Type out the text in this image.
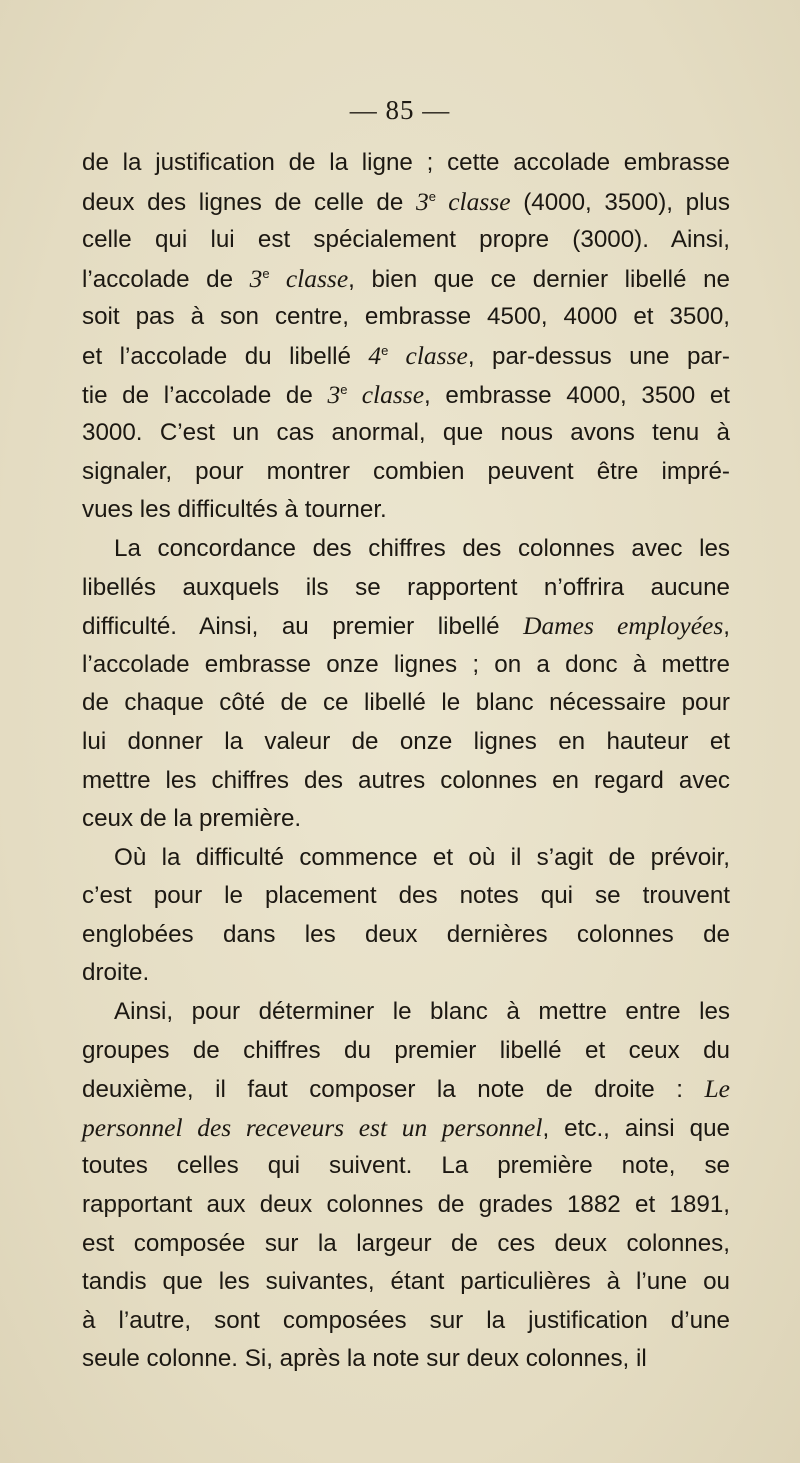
— 85 —
de la justification de la ligne ; cette accolade embrasse
deux des lignes de celle de 3e classe (4000, 3500), plus
celle qui lui est spécialement propre (3000). Ainsi,
l’accolade de 3e classe, bien que ce dernier libellé ne
soit pas à son centre, embrasse 4500, 4000 et 3500,
et l’accolade du libellé 4e classe, par-dessus une par-
tie de l’accolade de 3e classe, embrasse 4000, 3500 et
3000. C’est un cas anormal, que nous avons tenu à
signaler, pour montrer combien peuvent être impré-
vues les difficultés à tourner.
La concordance des chiffres des colonnes avec les
libellés auxquels ils se rapportent n’offrira aucune
difficulté. Ainsi, au premier libellé Dames employées,
l’accolade embrasse onze lignes ; on a donc à mettre
de chaque côté de ce libellé le blanc nécessaire pour
lui donner la valeur de onze lignes en hauteur et
mettre les chiffres des autres colonnes en regard avec
ceux de la première.
Où la difficulté commence et où il s’agit de prévoir,
c’est pour le placement des notes qui se trouvent
englobées dans les deux dernières colonnes de
droite.
Ainsi, pour déterminer le blanc à mettre entre les
groupes de chiffres du premier libellé et ceux du
deuxième, il faut composer la note de droite : Le
personnel des receveurs est un personnel, etc., ainsi que
toutes celles qui suivent. La première note, se
rapportant aux deux colonnes de grades 1882 et 1891,
est composée sur la largeur de ces deux colonnes,
tandis que les suivantes, étant particulières à l’une ou
à l’autre, sont composées sur la justification d’une
seule colonne. Si, après la note sur deux colonnes, il
